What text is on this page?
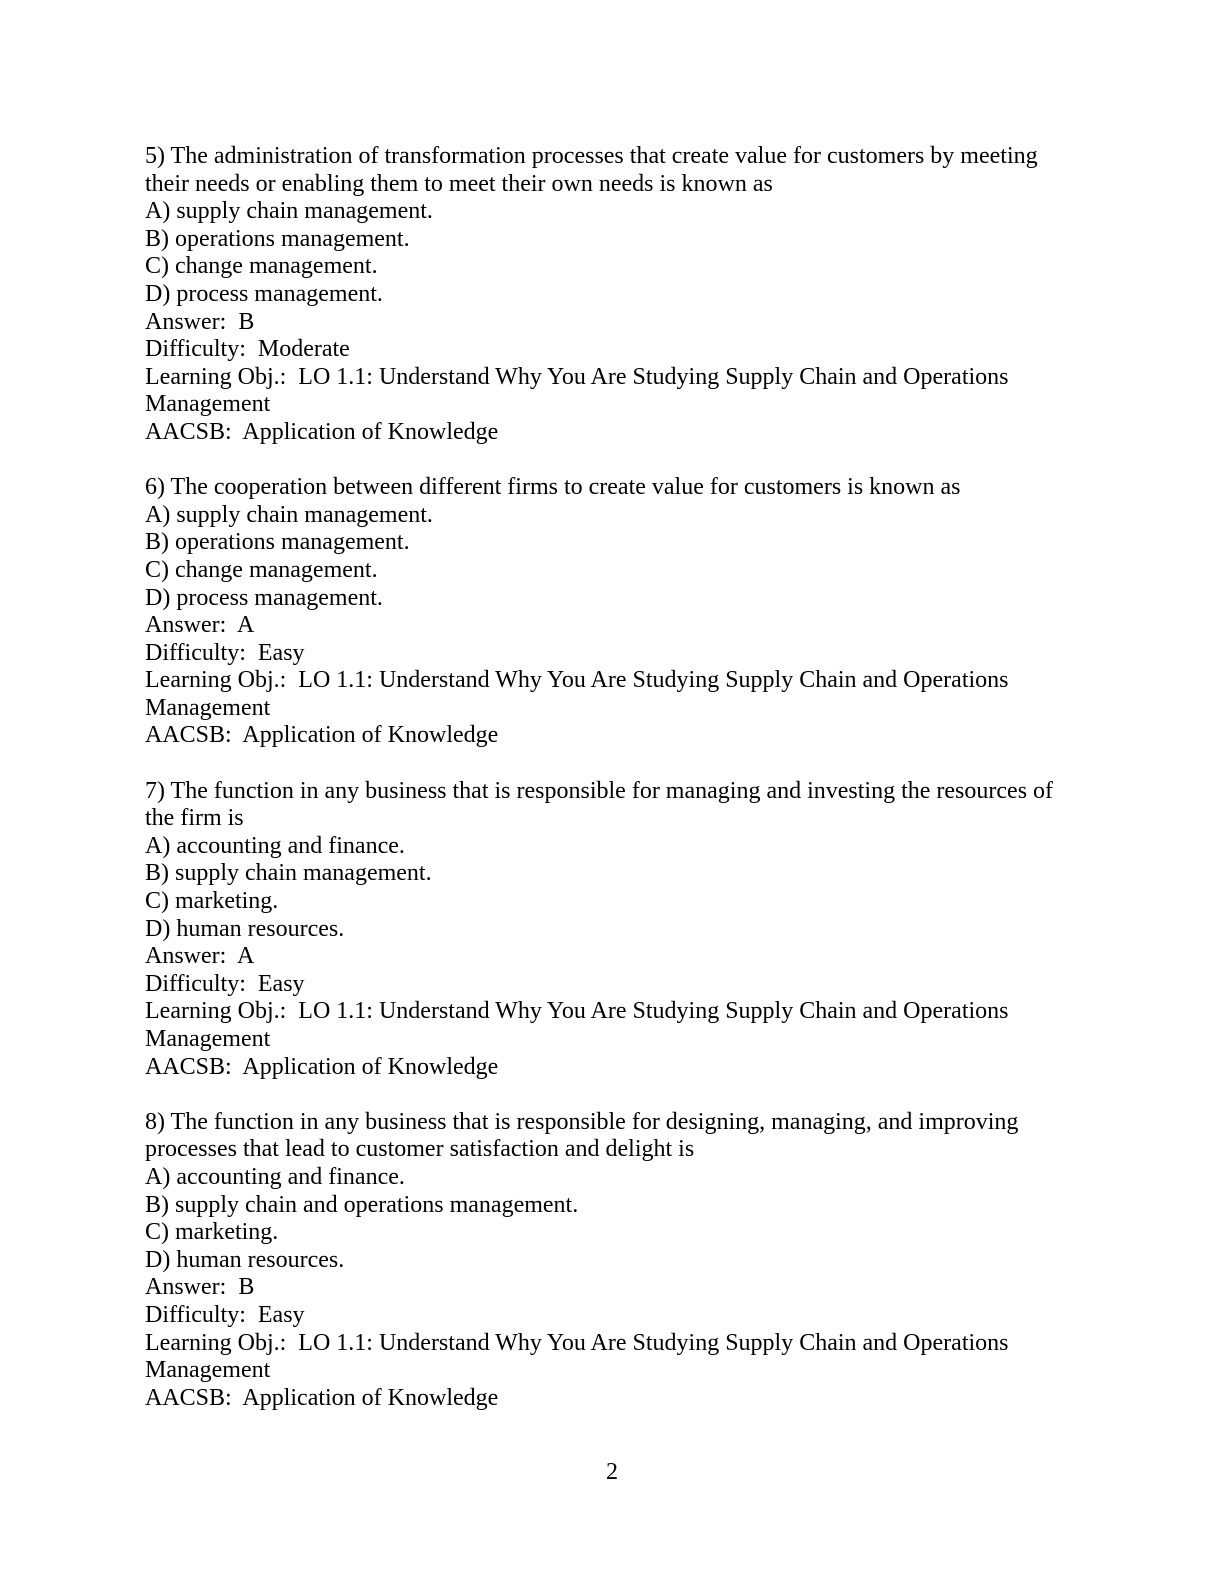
5) The administration of transformation processes that create value for customers by meeting their needs or enabling them to meet their own needs is known as

A) supply chain management.

B) operations management.

C) change management.

D) process management.

Answer:  B

Difficulty:  Moderate

Learning Obj.:  LO 1.1: Understand Why You Are Studying Supply Chain and Operations Management

AACSB:  Application of Knowledge

6) The cooperation between different firms to create value for customers is known as

A) supply chain management.

B) operations management.

C) change management.

D) process management.

Answer:  A

Difficulty:  Easy

Learning Obj.:  LO 1.1: Understand Why You Are Studying Supply Chain and Operations Management

AACSB:  Application of Knowledge

7) The function in any business that is responsible for managing and investing the resources of the firm is

A) accounting and finance.

B) supply chain management.

C) marketing.

D) human resources.

Answer:  A

Difficulty:  Easy

Learning Obj.:  LO 1.1: Understand Why You Are Studying Supply Chain and Operations Management

AACSB:  Application of Knowledge

8) The function in any business that is responsible for designing, managing, and improving processes that lead to customer satisfaction and delight is

A) accounting and finance.

B) supply chain and operations management.

C) marketing.

D) human resources.

Answer:  B

Difficulty:  Easy

Learning Obj.:  LO 1.1: Understand Why You Are Studying Supply Chain and Operations Management

AACSB:  Application of Knowledge

2
